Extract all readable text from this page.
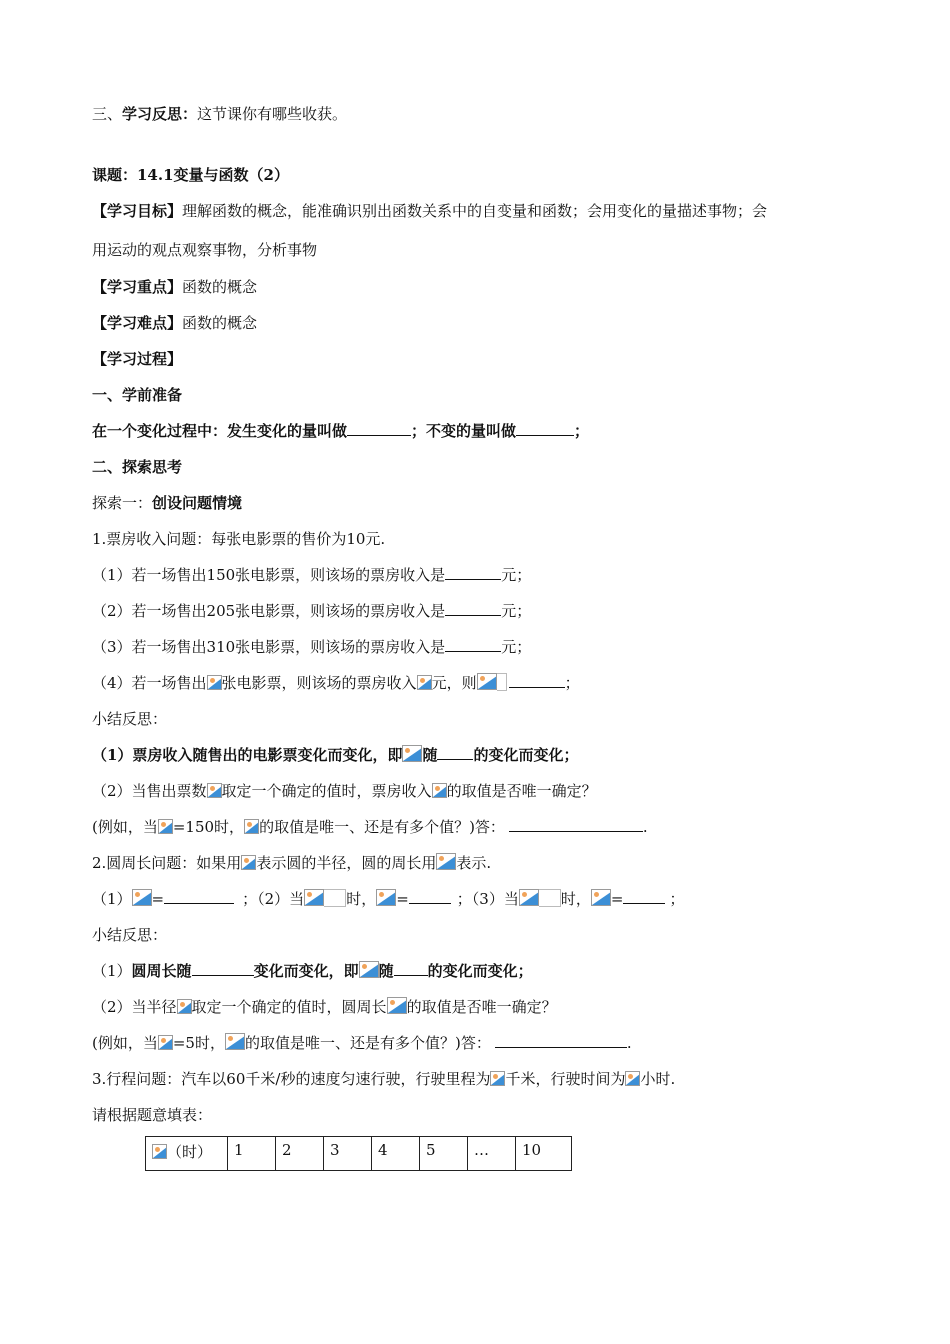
三、学习反思：这节课你有哪些收获。
课题：14.1变量与函数（2）
【学习目标】理解函数的概念，能准确识别出函数关系中的自变量和函数；会用变化的量描述事物；会
用运动的观点观察事物，分析事物
【学习重点】函数的概念
【学习难点】函数的概念
【学习过程】
一、学前准备
在一个变化过程中：发生变化的量叫做	；不变的量叫做	；
二、探索思考
探索一：创设问题情境
1.票房收入问题：每张电影票的售价为10元.
（1）若一场售出150张电影票，则该场的票房收入是	元；
（2）若一场售出205张电影票，则该场的票房收入是	元；
（3）若一场售出310张电影票，则该场的票房收入是	元；
（4）若一场售出 张电影票，则该场的票房收入 元，则	；
小结反思：
（1）票房收入随售出的电影票变化而变化，即 随 的变化而变化；
（2）当售出票数 取定一个确定的值时，票房收入 的取值是否唯一确定？
(例如，当 =150时， 的取值是唯一、还是有多个值？)答：	.
2.圆周长问题：如果用 表示圆的半径，圆的周长用 表示.
（1） =	；（2）当	时， =	；（3）当	时， =	；
小结反思：
（1）圆周长随	变化而变化，即 随 的变化而变化；
（2）当半径 取定一个确定的值时，圆周长 的取值是否唯一确定？
(例如，当 =5时， 的取值是唯一、还是有多个值？)答：	.
3.行程问题：汽车以60千米/秒的速度匀速行驶，行驶里程为 千米，行驶时间为 小时.
请根据题意填表：
（时）	1	2	3	4	5	…	10
